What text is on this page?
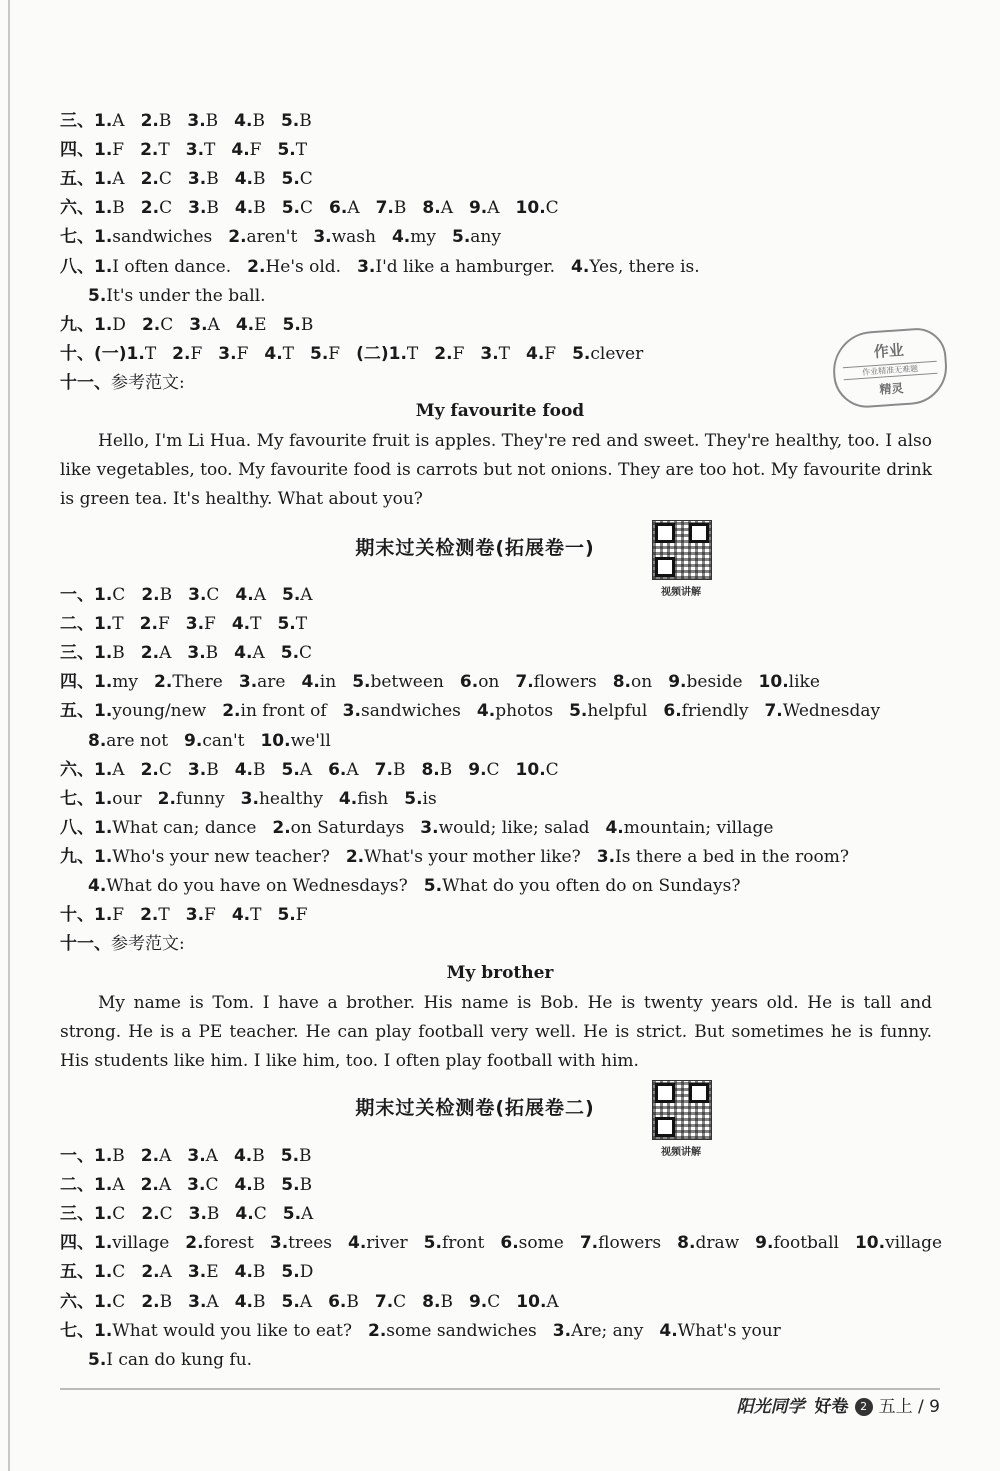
三、1.A 2.B 3.B 4.B 5.B
四、1.F 2.T 3.T 4.F 5.T
五、1.A 2.C 3.B 4.B 5.C
六、1.B 2.C 3.B 4.B 5.C 6.A 7.B 8.A 9.A 10.C
七、1.sandwiches 2.aren't 3.wash 4.my 5.any
八、1.I often dance. 2.He's old. 3.I'd like a hamburger. 4.Yes, there is.
5.It's under the ball.
九、1.D 2.C 3.A 4.E 5.B
十、(一)1.T 2.F 3.F 4.T 5.F (二)1.T 2.F 3.T 4.F 5.clever
十一、参考范文:
My favourite food
Hello, I'm Li Hua. My favourite fruit is apples. They're red and sweet. They're healthy, too. I also like vegetables, too. My favourite food is carrots but not onions. They are too hot. My favourite drink is green tea. It's healthy. What about you?
期末过关检测卷(拓展卷一)
视频讲解
一、1.C 2.B 3.C 4.A 5.A
二、1.T 2.F 3.F 4.T 5.T
三、1.B 2.A 3.B 4.A 5.C
四、1.my 2.There 3.are 4.in 5.between 6.on 7.flowers 8.on 9.beside 10.like
五、1.young/new 2.in front of 3.sandwiches 4.photos 5.helpful 6.friendly 7.Wednesday
8.are not 9.can't 10.we'll
六、1.A 2.C 3.B 4.B 5.A 6.A 7.B 8.B 9.C 10.C
七、1.our 2.funny 3.healthy 4.fish 5.is
八、1.What can; dance 2.on Saturdays 3.would; like; salad 4.mountain; village
九、1.Who's your new teacher? 2.What's your mother like? 3.Is there a bed in the room?
4.What do you have on Wednesdays? 5.What do you often do on Sundays?
十、1.F 2.T 3.F 4.T 5.F
十一、参考范文:
My brother
My name is Tom. I have a brother. His name is Bob. He is twenty years old. He is tall and strong. He is a PE teacher. He can play football very well. He is strict. But sometimes he is funny. His students like him. I like him, too. I often play football with him.
期末过关检测卷(拓展卷二)
视频讲解
一、1.B 2.A 3.A 4.B 5.B
二、1.A 2.A 3.C 4.B 5.B
三、1.C 2.C 3.B 4.C 5.A
四、1.village 2.forest 3.trees 4.river 5.front 6.some 7.flowers 8.draw 9.football 10.village
五、1.C 2.A 3.E 4.B 5.D
六、1.C 2.B 3.A 4.B 5.A 6.B 7.C 8.B 9.C 10.A
七、1.What would you like to eat? 2.some sandwiches 3.Are; any 4.What's your
5.I can do kung fu.
作业
作业精准无难题
精灵
阳光同学 好卷 2 五上 / 9
